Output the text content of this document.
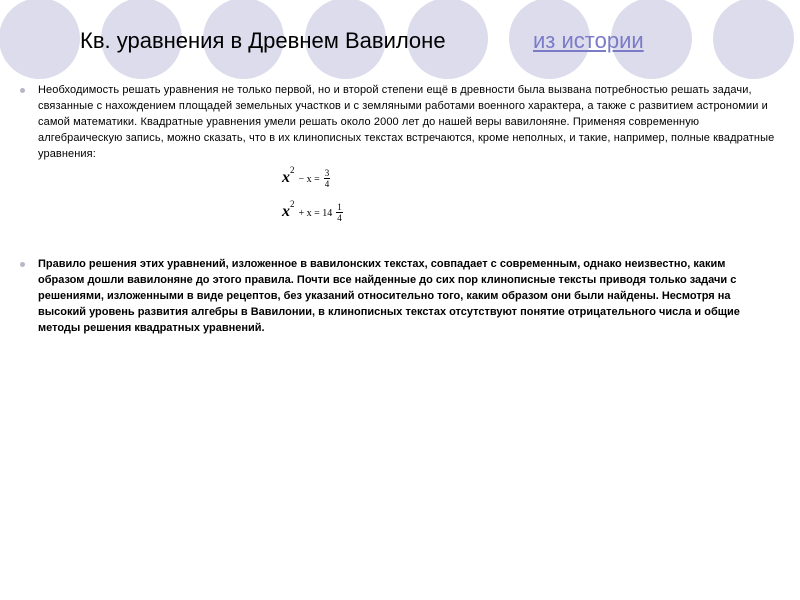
Кв. уравнения в Древнем Вавилоне	из истории
Необходимость решать уравнения не только первой, но и второй степени ещё в древности была вызвана потребностью решать задачи, связанные с нахождением площадей земельных участков и с земляными работами военного характера, а также с развитием астрономии и самой математики. Квадратные уравнения умели решать около 2000 лет до нашей веры вавилоняне. Применяя современную алгебраическую запись, можно сказать, что в их клинописных текстах встречаются, кроме неполных, и такие, например, полные квадратные уравнения:
$x^2 - x = \frac{3}{4}$
$x^2 + x = 14 \frac{1}{4}$
Правило решения этих уравнений, изложенное в вавилонских текстах, совпадает с современным, однако неизвестно, каким образом дошли вавилоняне до этого правила. Почти все найденные до сих пор клинописные тексты приводя только задачи с решениями, изложенными в виде рецептов, без указаний относительно того, каким образом они были найдены. Несмотря на высокий уровень развития алгебры в Вавилонии, в клинописных текстах отсутствуют понятие отрицательного числа и общие методы решения квадратных уравнений.
